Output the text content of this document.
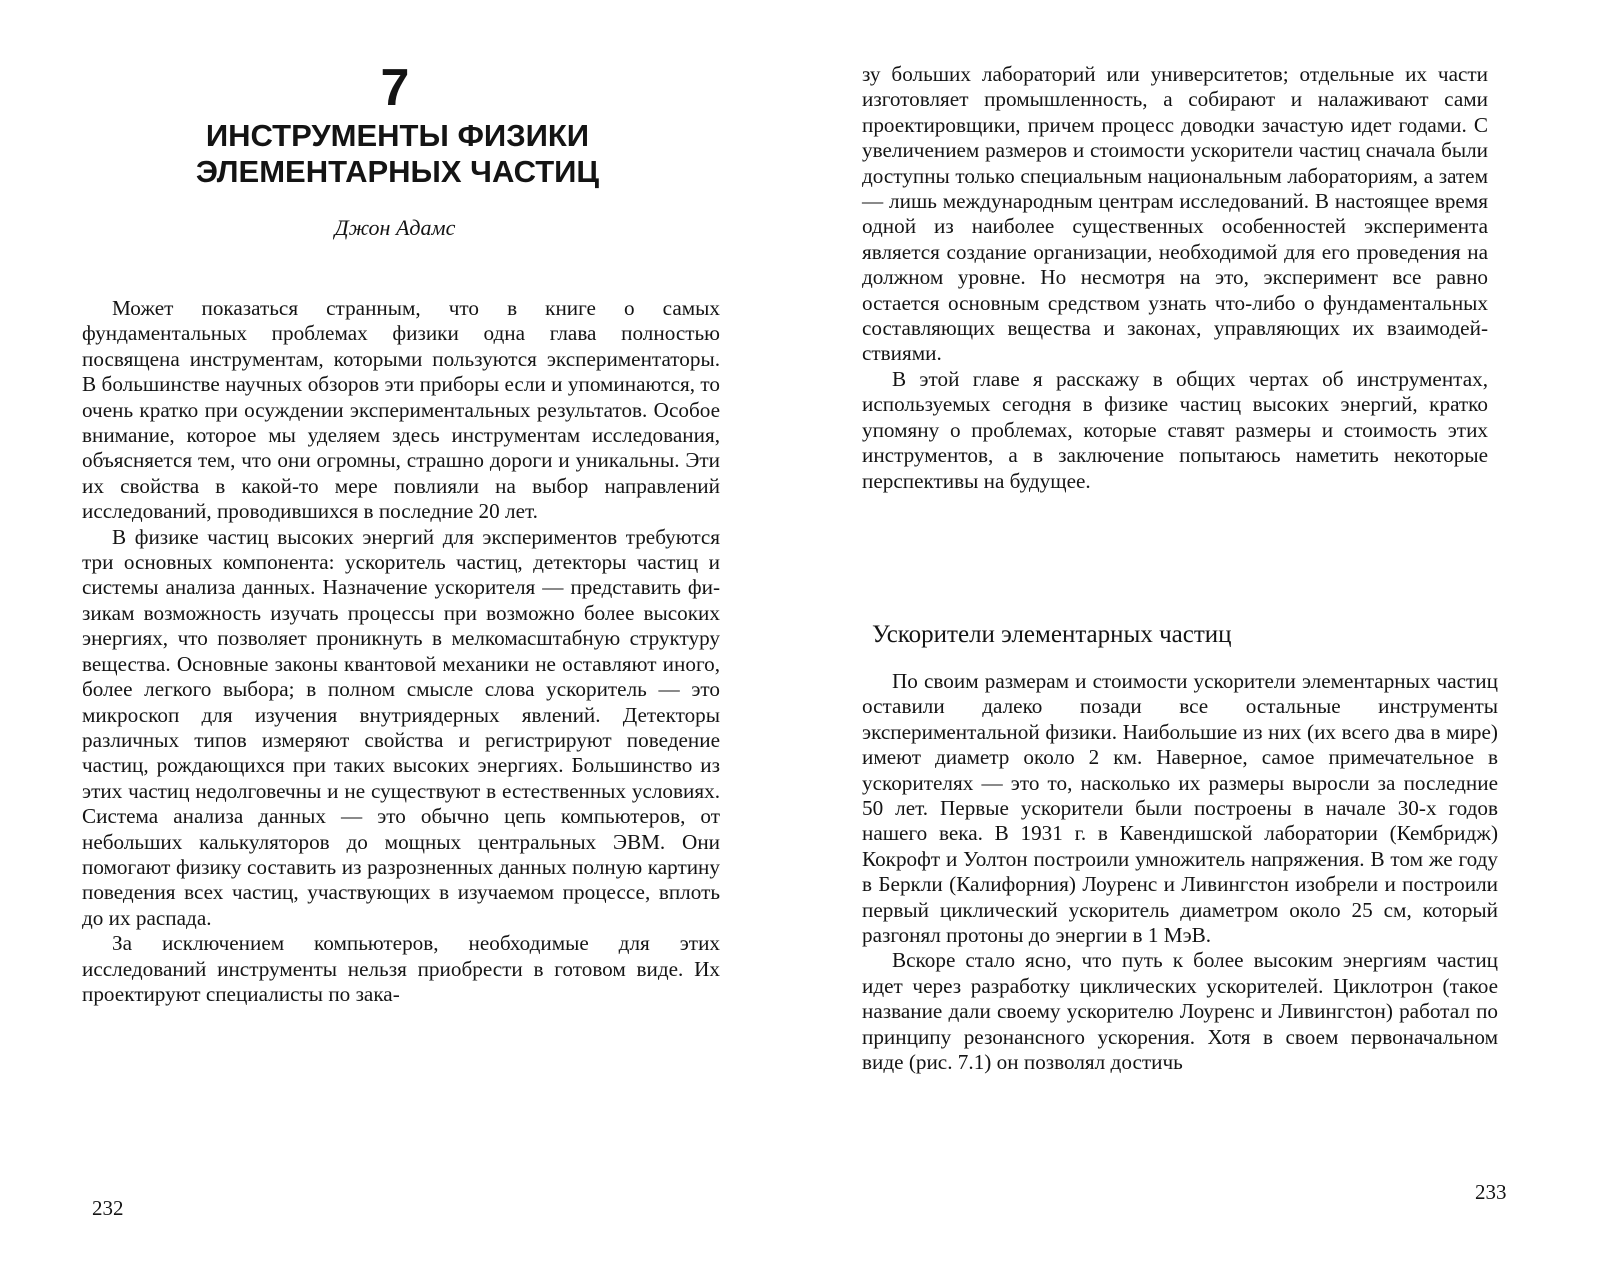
7
ИНСТРУМЕНТЫ ФИЗИКИ ЭЛЕМЕНТАРНЫХ ЧАСТИЦ
Джон Адамс

Может показаться странным, что в книге о самых фундаментальных проблемах физики одна глава полностью посвящена инструментам, которыми пользуются экспериментаторы. В большинстве научных обзоров эти приборы если и упоминаются, то очень кратко при осуждении экспериментальных результатов. Особое внимание, которое мы уделяем здесь инструментам исследования, объясняется тем, что они огромны, страшно дороги и уникальны. Эти их свойства в какой-то мере повлияли на выбор направлений исследований, проводившихся в последние 20 лет.

В физике частиц высоких энергий для экспериментов требуются три основных компонента: ускоритель частиц, детекторы частиц и системы анализа данных. Назначение ускорителя — представить физикам возможность изучать процессы при возможно более высоких энергиях, что позволяет проникнуть в мелкомасштабную структуру вещества. Основные законы квантовой механики не оставляют иного, более легкого выбора; в полном смысле слова ускоритель — это микроскоп для изучения внутриядерных явлений. Детекторы различных типов измеряют свойства и регистрируют поведение частиц, рождающихся при таких высоких энергиях. Большинство из этих частиц недолговечны и не существуют в естественных условиях. Система анализа данных — это обычно цепь компьютеров, от небольших калькуляторов до мощных центральных ЭВМ. Они помогают физику составить из разрозненных данных полную картину поведения всех частиц, участвующих в изучаемом процессе, вплоть до их распада.

За исключением компьютеров, необходимые для этих исследований инструменты нельзя приобрести в готовом виде. Их проектируют специалисты по зака-

232

зу больших лабораторий или университетов; отдельные их части изготовляет промышленность, а собирают и налаживают сами проектировщики, причем процесс доводки зачастую идет годами. С увеличением размеров и стоимости ускорители частиц сначала были доступны только специальным национальным лабораториям, а затем — лишь международным центрам исследований. В настоящее время одной из наиболее существенных особенностей эксперимента является создание организации, необходимой для его проведения на должном уровне. Но несмотря на это, эксперимент все равно остается основным средством узнать что-либо о фундаментальных составляющих вещества и законах, управляющих их взаимодействиями.

В этой главе я расскажу в общих чертах об инструментах, используемых сегодня в физике частиц высоких энергий, кратко упомяну о проблемах, которые ставят размеры и стоимость этих инструментов, а в заключение попытаюсь наметить некоторые перспективы на будущее.

Ускорители элементарных частиц

По своим размерам и стоимости ускорители элементарных частиц оставили далеко позади все остальные инструменты экспериментальной физики. Наибольшие из них (их всего два в мире) имеют диаметр около 2 км. Наверное, самое примечательное в ускорителях — это то, насколько их размеры выросли за последние 50 лет. Первые ускорители были построены в начале 30-х годов нашего века. В 1931 г. в Кавендишской лаборатории (Кембридж) Кокрофт и Уолтон построили умножитель напряжения. В том же году в Беркли (Калифорния) Лоуренс и Ливингстон изобрели и построили первый циклический ускоритель диаметром около 25 см, который разгонял протоны до энергии в 1 МэВ.

Вскоре стало ясно, что путь к более высоким энергиям частиц идет через разработку циклических ускорителей. Циклотрон (такое название дали своему ускорителю Лоуренс и Ливингстон) работал по принципу резонансного ускорения. Хотя в своем первоначальном виде (рис. 7.1) он позволял достичь

233
